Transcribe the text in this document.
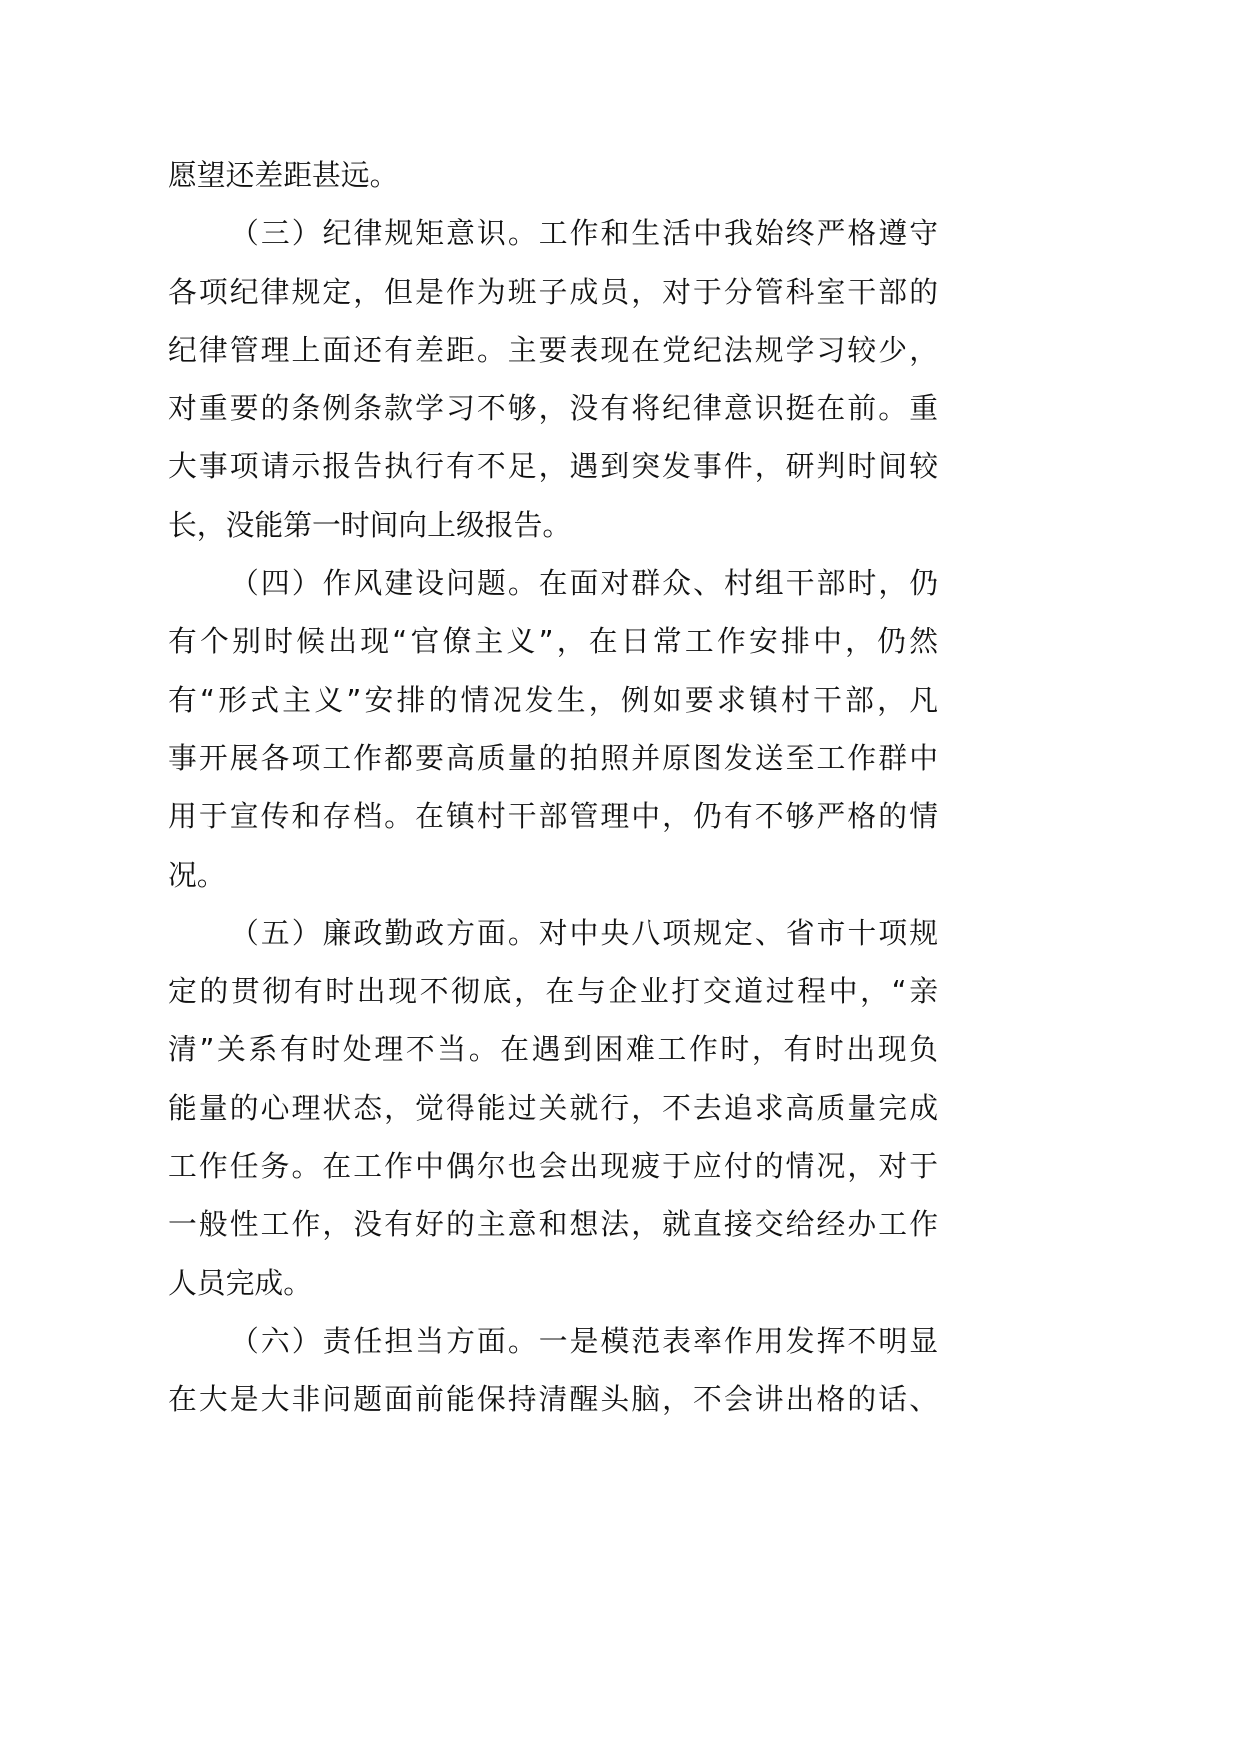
愿望还差距甚远。
（三）纪律规矩意识。工作和生活中我始终严格遵守
各项纪律规定，但是作为班子成员，对于分管科室干部的
纪律管理上面还有差距。主要表现在党纪法规学习较少，
对重要的条例条款学习不够，没有将纪律意识挺在前。重
大事项请示报告执行有不足，遇到突发事件，研判时间较
长，没能第一时间向上级报告。
（四）作风建设问题。在面对群众、村组干部时，仍
有个别时候出现“官僚主义”，在日常工作安排中，仍然
有“形式主义”安排的情况发生，例如要求镇村干部，凡
事开展各项工作都要高质量的拍照并原图发送至工作群中
用于宣传和存档。在镇村干部管理中，仍有不够严格的情
况。
（五）廉政勤政方面。对中央八项规定、省市十项规
定的贯彻有时出现不彻底，在与企业打交道过程中，“亲
清”关系有时处理不当。在遇到困难工作时，有时出现负
能量的心理状态，觉得能过关就行，不去追求高质量完成
工作任务。在工作中偶尔也会出现疲于应付的情况，对于
一般性工作，没有好的主意和想法，就直接交给经办工作
人员完成。
（六）责任担当方面。一是模范表率作用发挥不明显
在大是大非问题面前能保持清醒头脑，不会讲出格的话、
